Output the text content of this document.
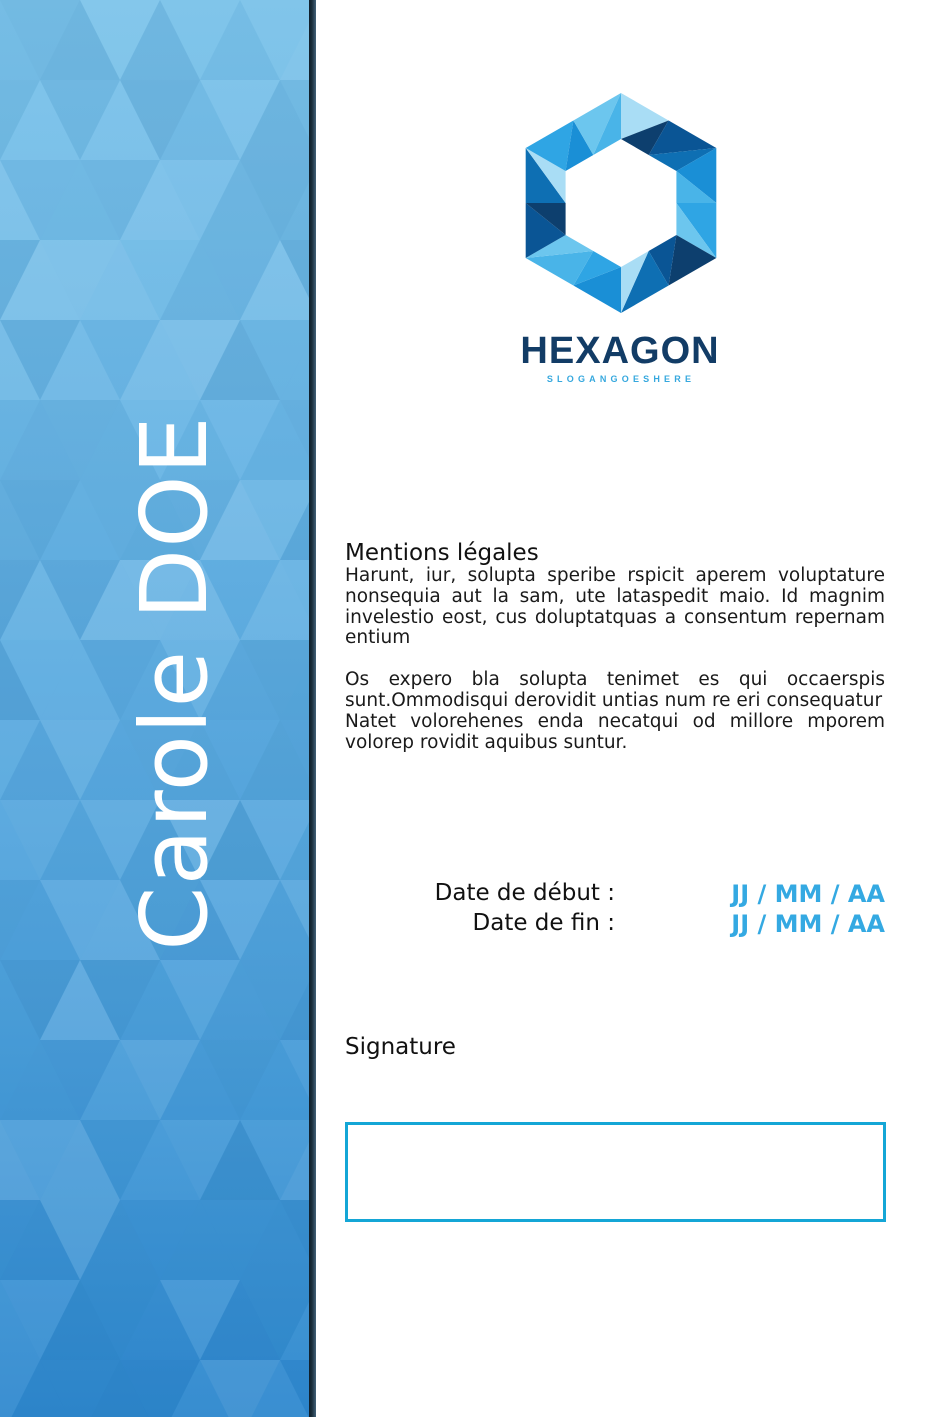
Carole DOE
HEXAGON
SLOGANGOESHERE
Mentions légales

Harunt, iur, solupta speribe rspicit aperem voluptature nonsequia aut la sam, ute lataspedit maio. Id magnim invelestio eost, cus doluptatquas a consentum repernam entium

Os expero bla solupta tenimet es qui occaerspis sunt.Ommodisqui derovidit untias num re eri consequatur

Natet volorehenes enda necatqui od millore mporem volorep rovidit aquibus suntur.

Date de début :	JJ / MM / AA
Date de fin :	JJ / MM / AA
Signature
